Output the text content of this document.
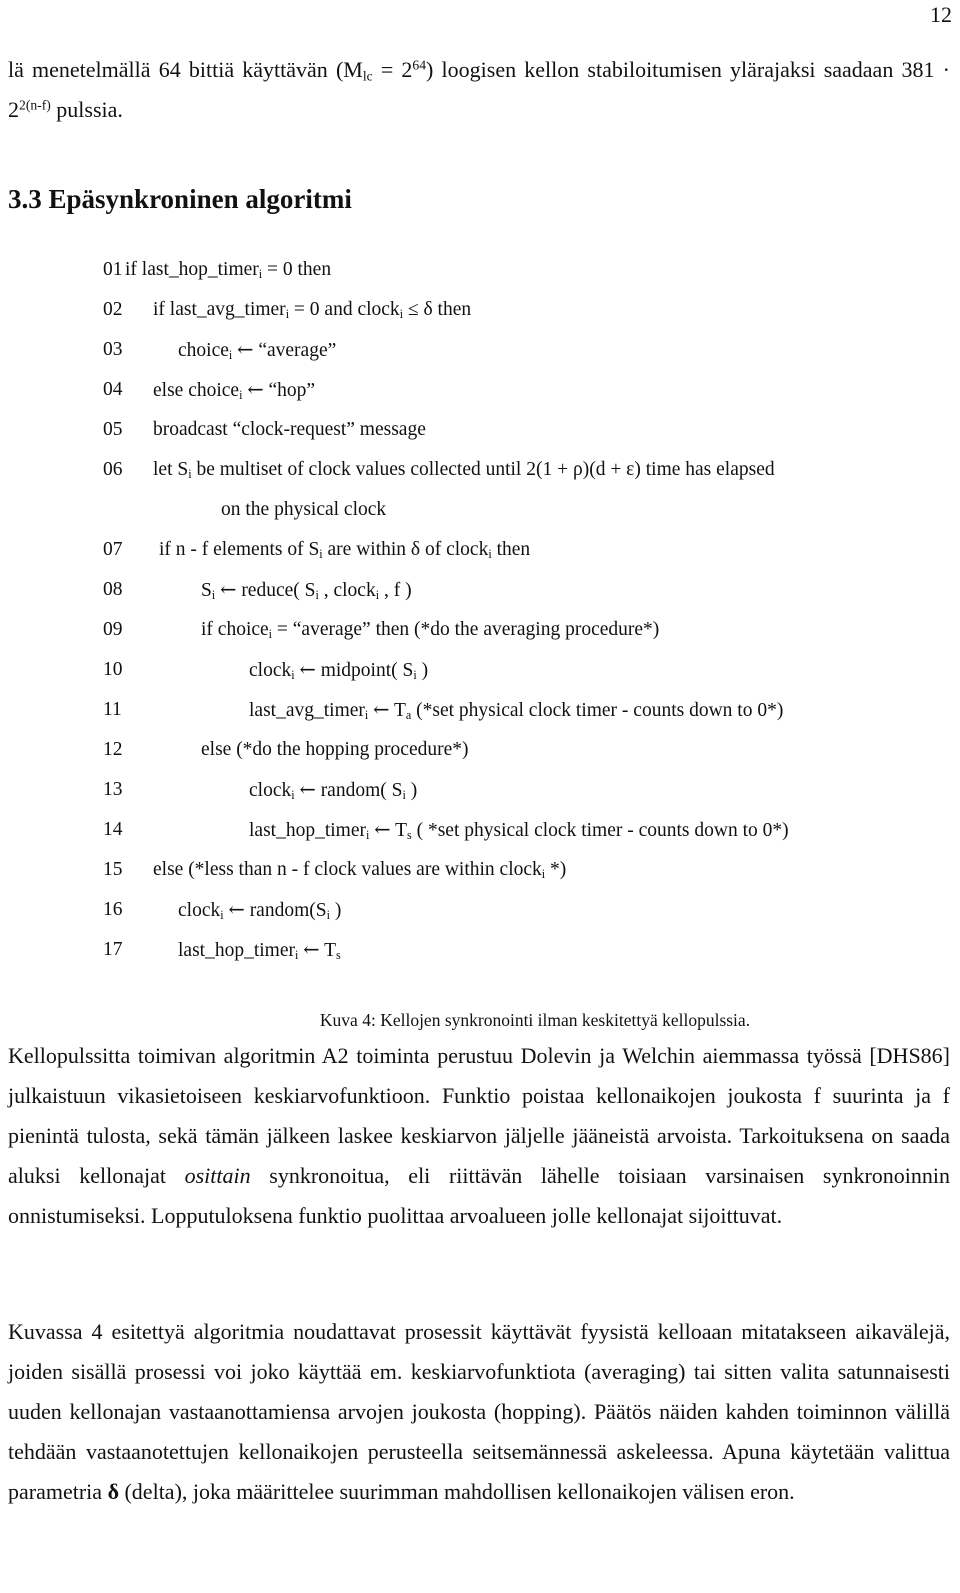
12

lä menetelmällä 64 bittiä käyttävän $(M_{lc} = 2^{64})$ loogisen kellon stabiloitumisen ylärajaksi saadaan $381 \cdot 2^{2(n-f)}$ pulssia.

3.3 Epäsynkroninen algoritmi
01 if last_hop_timer$_i$ = 0 then
02 if last_avg_timer$_i$ = 0 and clock$_i$ ≤ δ then
03	choice$_i$ ← “average”
04 else choice$_i$ ← “hop”
05 broadcast “clock-request” message
06 let $S_i$ be multiset of clock values collected until 2(1 + ρ)(d + ε) time has elapsed
on the physical clock
07 if n - f elements of $S_i$ are within δ of clock$_i$ then
08	$S_i$ ← reduce( $S_i$ , clock$_i$ , f )
09	if choice$_i$ = “average” then (*do the averaging procedure*)
10	clock$_i$ ← midpoint( $S_i$ )
11	last_avg_timer$_i$ ← $T_a$ (*set physical clock timer - counts down to 0*)
12	else (*do the hopping procedure*)
13	clock$_i$ ← random( $S_i$ )
14	last_hop_timer$_i$ ← $T_s$ ( *set physical clock timer - counts down to 0*)
15 else (*less than n - f clock values are within clock$_i$ *)
16	clock$_i$ ← $random(S_i$ )
17	last_hop_timer$_i$ ← $T_s$
Kuva 4: Kellojen synkronointi ilman keskitettyä kellopulssia.

Kellopulssitta toimivan algoritmin A2 toiminta perustuu Dolevin ja Welchin aiemmassa työssä [DHS86] julkaistuun vikasietoiseen keskiarvofunktioon. Funktio poistaa kellonaikojen joukosta f suurinta ja f pienintä tulosta, sekä tämän jälkeen laskee keskiarvon jäljelle jääneistä arvoista. Tarkoituksena on saada aluksi kellonajat osittain synkronoitua, eli riittävän lähelle toisiaan varsinaisen synkronoinnin onnistumiseksi. Lopputuloksena funktio puolittaa arvoalueen jolle kellonajat sijoittuvat.

Kuvassa 4 esitettyä algoritmia noudattavat prosessit käyttävät fyysistä kelloaan mitatakseen aikavälejä, joiden sisällä prosessi voi joko käyttää em. keskiarvofunktiota (averaging) tai sitten valita satunnaisesti uuden kellonajan vastaanottamiensa arvojen joukosta (hopping). Päätös näiden kahden toiminnon välillä tehdään vastaanotettujen kellonaikojen perusteella seitsemännessä askeleessa. Apuna käytetään valittua parametria δ (delta), joka määrittelee suurimman mahdollisen kellonaikojen välisen eron.
